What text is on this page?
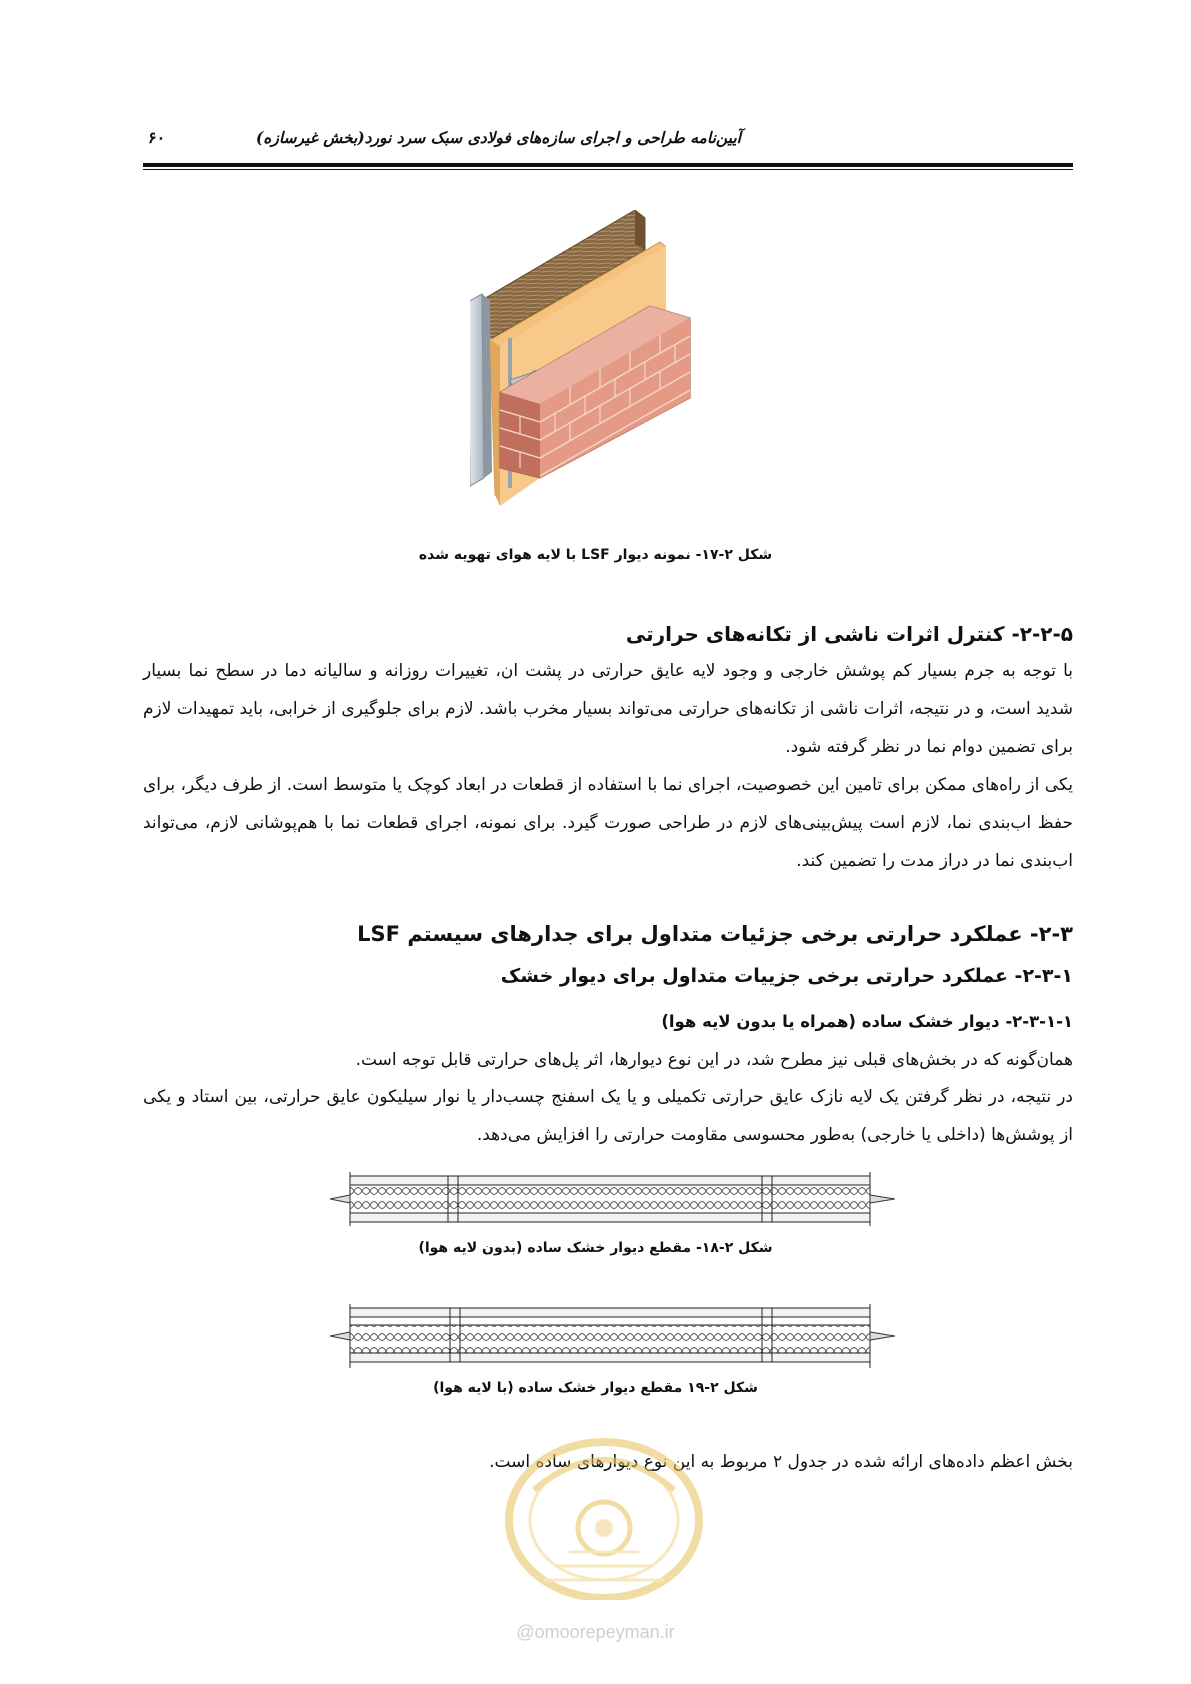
آیین‌نامه طراحی و اجرای سازه‌های فولادی سبک سرد نورد(بخش غیرسازه)
۶۰
شکل ۲-۱۷- نمونه دیوار LSF با لایه هوای تهویه شده
۲-۲-۵- کنترل اثرات ناشی از تکانه‌های حرارتی

با توجه به جرم بسیار کم پوشش خارجی و وجود لایه عایق حرارتی در پشت ان، تغییرات روزانه و سالیانه دما در سطح نما بسیار شدید است، و در نتیجه، اثرات ناشی از تکانه‌های حرارتی می‌تواند بسیار مخرب باشد. لازم برای جلوگیری از خرابی، باید تمهیدات لازم برای تضمین دوام نما در نظر گرفته شود.

یکی از راه‌های ممکن برای تامین این خصوصیت، اجرای نما با استفاده از قطعات در ابعاد کوچک یا متوسط است. از طرف دیگر، برای حفظ اب‌بندی نما، لازم است پیش‌بینی‌های لازم در طراحی صورت گیرد. برای نمونه، اجرای قطعات نما با هم‌پوشانی لازم، می‌تواند اب‌بندی نما در دراز مدت را تضمین کند.

۲-۳- عملکرد حرارتی برخی جزئیات متداول برای جدارهای سیستم LSF
۲-۳-۱- عملکرد حرارتی برخی جزییات متداول برای دیوار خشک
۲-۳-۱-۱- دیوار خشک ساده (همراه یا بدون لایه هوا)
همان‌گونه که در بخش‌های قبلی نیز مطرح شد، در این نوع دیوارها، اثر پل‌های حرارتی قابل توجه است.

در نتیجه، در نظر گرفتن یک لایه نازک عایق حرارتی تکمیلی و یا یک اسفنج چسب‌دار یا نوار سیلیکون عایق حرارتی، بین استاد و یکی از پوشش‌ها (داخلی یا خارجی) به‌طور محسوسی مقاومت حرارتی را افزایش می‌دهد.

شکل ۲-۱۸- مقطع دیوار خشک ساده (بدون لایه هوا)
شکل ۲-۱۹ مقطع دیوار خشک ساده (با لایه هوا)
بخش اعظم داده‌های ارائه شده در جدول ۲ مربوط به این نوع دیوارهای ساده است.
@omoorepeyman.ir
